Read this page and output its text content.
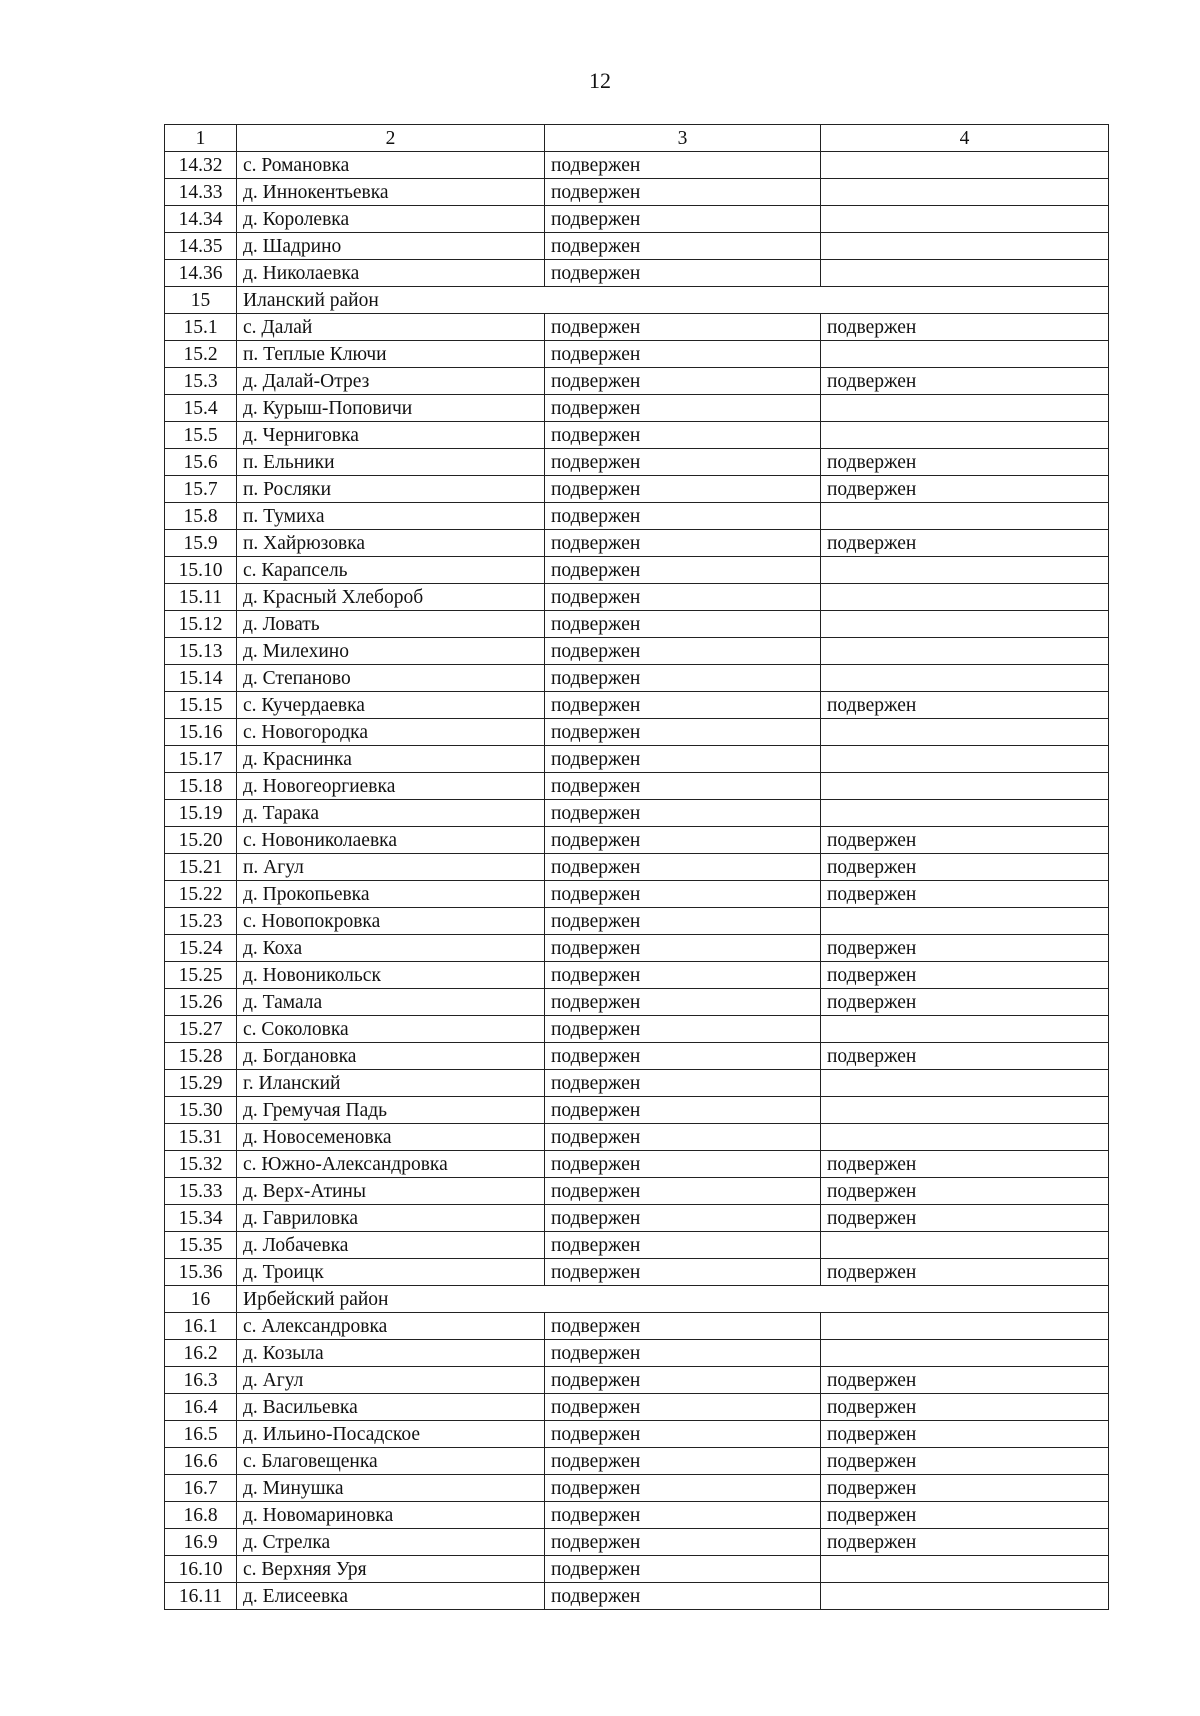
12
1	2	3	4
14.32	с. Романовка	подвержен	
14.33	д. Иннокентьевка	подвержен	
14.34	д. Королевка	подвержен	
14.35	д. Шадрино	подвержен	
14.36	д. Николаевка	подвержен	
15	Иланский район		
15.1	с. Далай	подвержен	подвержен
15.2	п. Теплые Ключи	подвержен	
15.3	д. Далай-Отрез	подвержен	подвержен
15.4	д. Курыш-Поповичи	подвержен	
15.5	д. Черниговка	подвержен	
15.6	п. Ельники	подвержен	подвержен
15.7	п. Росляки	подвержен	подвержен
15.8	п. Тумиха	подвержен	
15.9	п. Хайрюзовка	подвержен	подвержен
15.10	с. Карапсель	подвержен	
15.11	д. Красный Хлебороб	подвержен	
15.12	д. Ловать	подвержен	
15.13	д. Милехино	подвержен	
15.14	д. Степаново	подвержен	
15.15	с. Кучердаевка	подвержен	подвержен
15.16	с. Новогородка	подвержен	
15.17	д. Краснинка	подвержен	
15.18	д. Новогеоргиевка	подвержен	
15.19	д. Тарака	подвержен	
15.20	с. Новониколаевка	подвержен	подвержен
15.21	п. Агул	подвержен	подвержен
15.22	д. Прокопьевка	подвержен	подвержен
15.23	с. Новопокровка	подвержен	
15.24	д. Коха	подвержен	подвержен
15.25	д. Новоникольск	подвержен	подвержен
15.26	д. Тамала	подвержен	подвержен
15.27	с. Соколовка	подвержен	
15.28	д. Богдановка	подвержен	подвержен
15.29	г. Иланский	подвержен	
15.30	д. Гремучая Падь	подвержен	
15.31	д. Новосеменовка	подвержен	
15.32	с. Южно-Александровка	подвержен	подвержен
15.33	д. Верх-Атины	подвержен	подвержен
15.34	д. Гавриловка	подвержен	подвержен
15.35	д. Лобачевка	подвержен	
15.36	д. Троицк	подвержен	подвержен
16	Ирбейский район		
16.1	с. Александровка	подвержен	
16.2	д. Козыла	подвержен	
16.3	д. Агул	подвержен	подвержен
16.4	д. Васильевка	подвержен	подвержен
16.5	д. Ильино-Посадское	подвержен	подвержен
16.6	с. Благовещенка	подвержен	подвержен
16.7	д. Минушка	подвержен	подвержен
16.8	д. Новомариновка	подвержен	подвержен
16.9	д. Стрелка	подвержен	подвержен
16.10	с. Верхняя Уря	подвержен	
16.11	д. Елисеевка	подвержен	
